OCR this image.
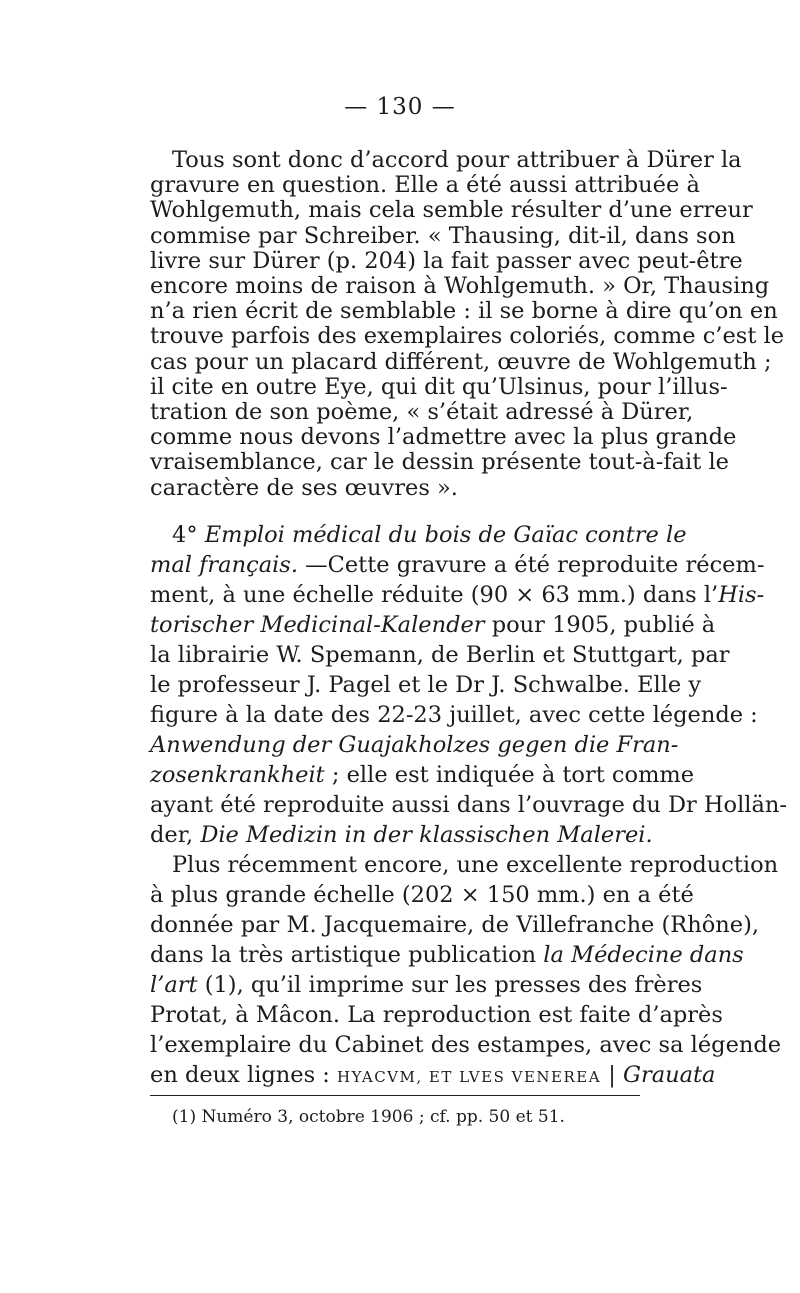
— 130 —
Tous sont donc d’accord pour attribuer à Dürer la
gravure en question. Elle a été aussi attribuée à
Wohlgemuth, mais cela semble résulter d’une erreur
commise par Schreiber. « Thausing, dit-il, dans son
livre sur Dürer (p. 204) la fait passer avec peut-être
encore moins de raison à Wohlgemuth. » Or, Thausing
n’a rien écrit de semblable : il se borne à dire qu’on en
trouve parfois des exemplaires coloriés, comme c’est le
cas pour un placard différent, œuvre de Wohlgemuth ;
il cite en outre Eye, qui dit qu’Ulsinus, pour l’illus-
tration de son poème, « s’était adressé à Dürer,
comme nous devons l’admettre avec la plus grande
vraisemblance, car le dessin présente tout-à-fait le
caractère de ses œuvres ».
4° Emploi médical du bois de Gaïac contre le
mal français. —Cette gravure a été reproduite récem-
ment, à une échelle réduite (90 × 63 mm.) dans l’His-
torischer Medicinal-Kalender pour 1905, publié à
la librairie W. Spemann, de Berlin et Stuttgart, par
le professeur J. Pagel et le Dr J. Schwalbe. Elle y
figure à la date des 22-23 juillet, avec cette légende :
Anwendung der Guajakholzes gegen die Fran-
zosenkrankheit ; elle est indiquée à tort comme
ayant été reproduite aussi dans l’ouvrage du Dr Hollän-
der, Die Medizin in der klassischen Malerei.
Plus récemment encore, une excellente reproduction
à plus grande échelle (202 × 150 mm.) en a été
donnée par M. Jacquemaire, de Villefranche (Rhône),
dans la très artistique publication la Médecine dans
l’art (1), qu’il imprime sur les presses des frères
Protat, à Mâcon. La reproduction est faite d’après
l’exemplaire du Cabinet des estampes, avec sa légende
en deux lignes : HYACVM, ET LVES VENEREA | Grauata
(1) Numéro 3, octobre 1906 ; cf. pp. 50 et 51.
